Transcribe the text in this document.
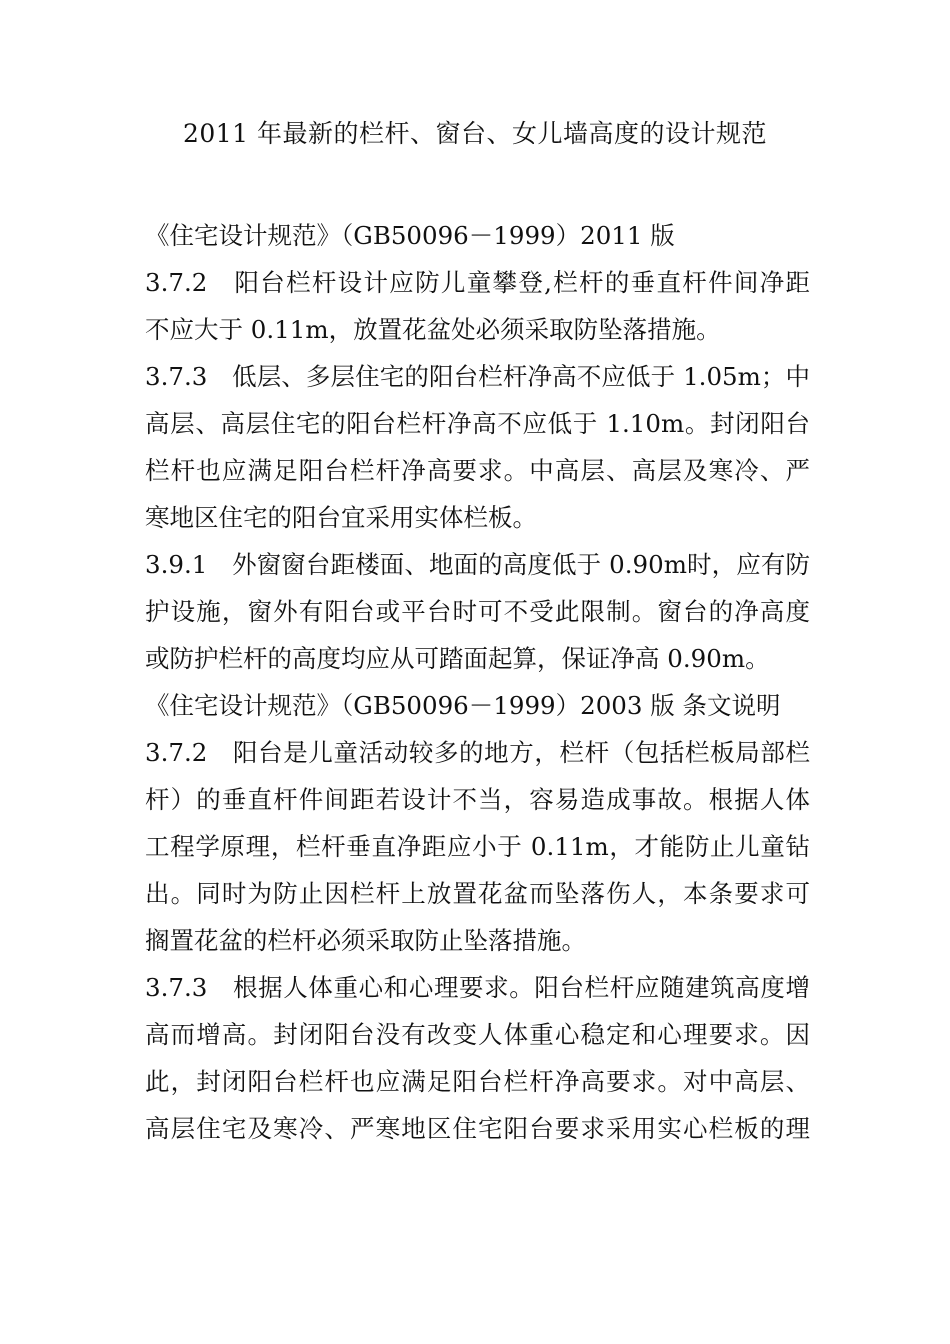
2011 年最新的栏杆、窗台、女儿墙高度的设计规范
《住宅设计规范》（GB50096－1999）2011 版
3.7.2　阳台栏杆设计应防儿童攀登,栏杆的垂直杆件间净距
不应大于 0.11m，放置花盆处必须采取防坠落措施。
3.7.3　低层、多层住宅的阳台栏杆净高不应低于 1.05m；中
高层、高层住宅的阳台栏杆净高不应低于 1.10m。封闭阳台
栏杆也应满足阳台栏杆净高要求。中高层、高层及寒冷、严
寒地区住宅的阳台宜采用实体栏板。
3.9.1　外窗窗台距楼面、地面的高度低于 0.90m时，应有防
护设施，窗外有阳台或平台时可不受此限制。窗台的净高度
或防护栏杆的高度均应从可踏面起算，保证净高 0.90m。
《住宅设计规范》（GB50096－1999）2003 版 条文说明
3.7.2　阳台是儿童活动较多的地方，栏杆（包括栏板局部栏
杆）的垂直杆件间距若设计不当，容易造成事故。根据人体
工程学原理，栏杆垂直净距应小于 0.11m，才能防止儿童钻
出。同时为防止因栏杆上放置花盆而坠落伤人，本条要求可
搁置花盆的栏杆必须采取防止坠落措施。
3.7.3　根据人体重心和心理要求。阳台栏杆应随建筑高度增
高而增高。封闭阳台没有改变人体重心稳定和心理要求。因
此，封闭阳台栏杆也应满足阳台栏杆净高要求。对中高层、
高层住宅及寒冷、严寒地区住宅阳台要求采用实心栏板的理
